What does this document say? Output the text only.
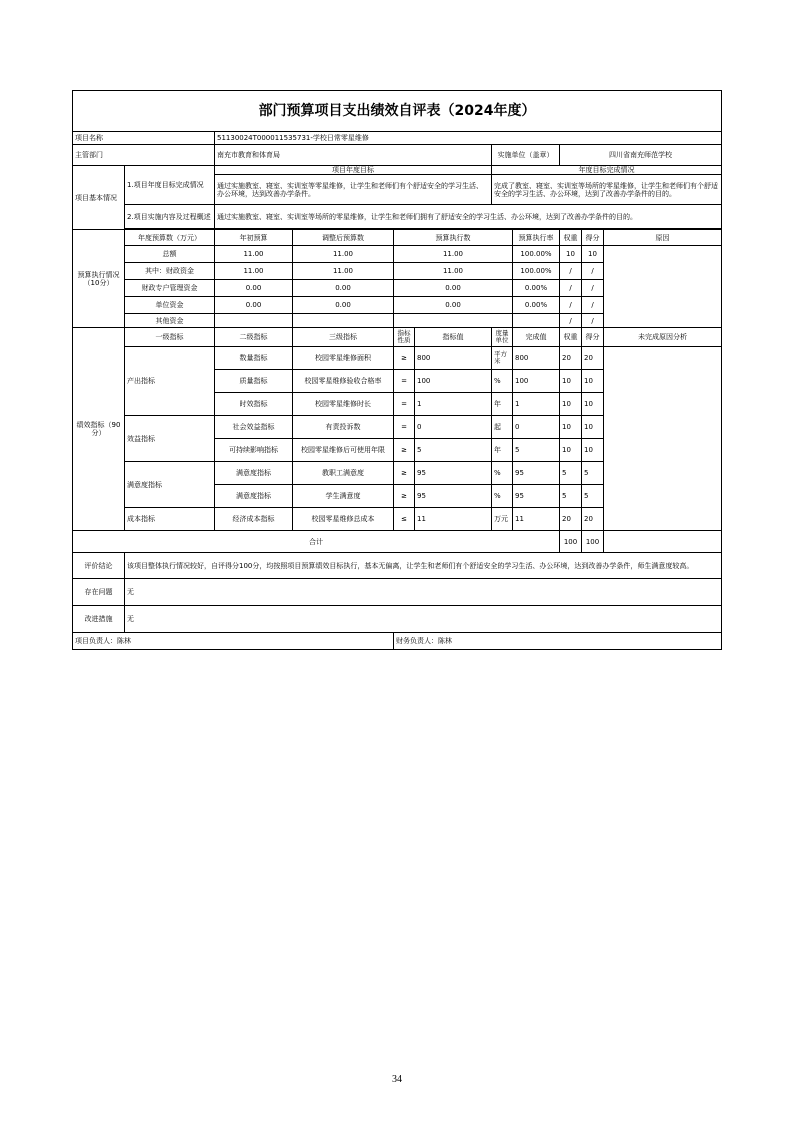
部门预算项目支出绩效自评表（2024年度）										
项目名称		51130024T000011535731-学校日常零星维修								
主管部门		南充市教育和体育局				实施单位（盖章）		四川省南充师范学校		
项目基本情况	1.项目年度目标完成情况	项目年度目标				年度目标完成情况				
		通过实施教室、寝室、实训室等零星维修，让学生和老师们有个舒适安全的学习生活、办公环境，达到改善办学条件。				完成了教室、寝室、实训室等场所的零星维修，让学生和老师们有个舒适安全的学习生活、办公环境，达到了改善办学条件的目的。				
	2.项目实施内容及过程概述	通过实施教室、寝室、实训室等场所的零星维修，让学生和老师们拥有了舒适安全的学习生活、办公环境，达到了改善办学条件的目的。								

预算执行情况（10分）	年度预算数（万元）	年初预算	调整后预算数	预算执行数			预算执行率	权重	得分	原因
	总额	11.00	11.00	11.00			100.00%	10	10	
	其中：财政资金	11.00	11.00	11.00			100.00%	/	/	
	财政专户管理资金	0.00	0.00	0.00			0.00%	/	/	
	单位资金	0.00	0.00	0.00			0.00%	/	/	
	其他资金							/	/	
绩效指标（90分）	一级指标	二级指标	三级指标	指标性质	指标值	度量单位	完成值	权重	得分	未完成原因分析
	产出指标	数量指标	校园零星维修面积	≥	800	平方米	800	20	20	
		质量指标	校园零星维修验收合格率	=	100	%	100	10	10	
		时效指标	校园零星维修时长	=	1	年	1	10	10	
	效益指标	社会效益指标	有责投诉数	=	0	起	0	10	10	
		可持续影响指标	校园零星维修后可使用年限	≥	5	年	5	10	10	
	满意度指标	满意度指标	教职工满意度	≥	95	%	95	5	5	
		满意度指标	学生满意度	≥	95	%	95	5	5	
	成本指标	经济成本指标	校园零星维修总成本	≤	11	万元	11	20	20	
合计								100	100	
评价结论	该项目整体执行情况较好，自评得分100分，均按照项目预算绩效目标执行，基本无偏离，让学生和老师们有个舒适安全的学习生活、办公环境，达到改善办学条件，师生满意度较高。									
存在问题	无									
改进措施	无									
项目负责人：陈林				财务负责人：陈林						
34
